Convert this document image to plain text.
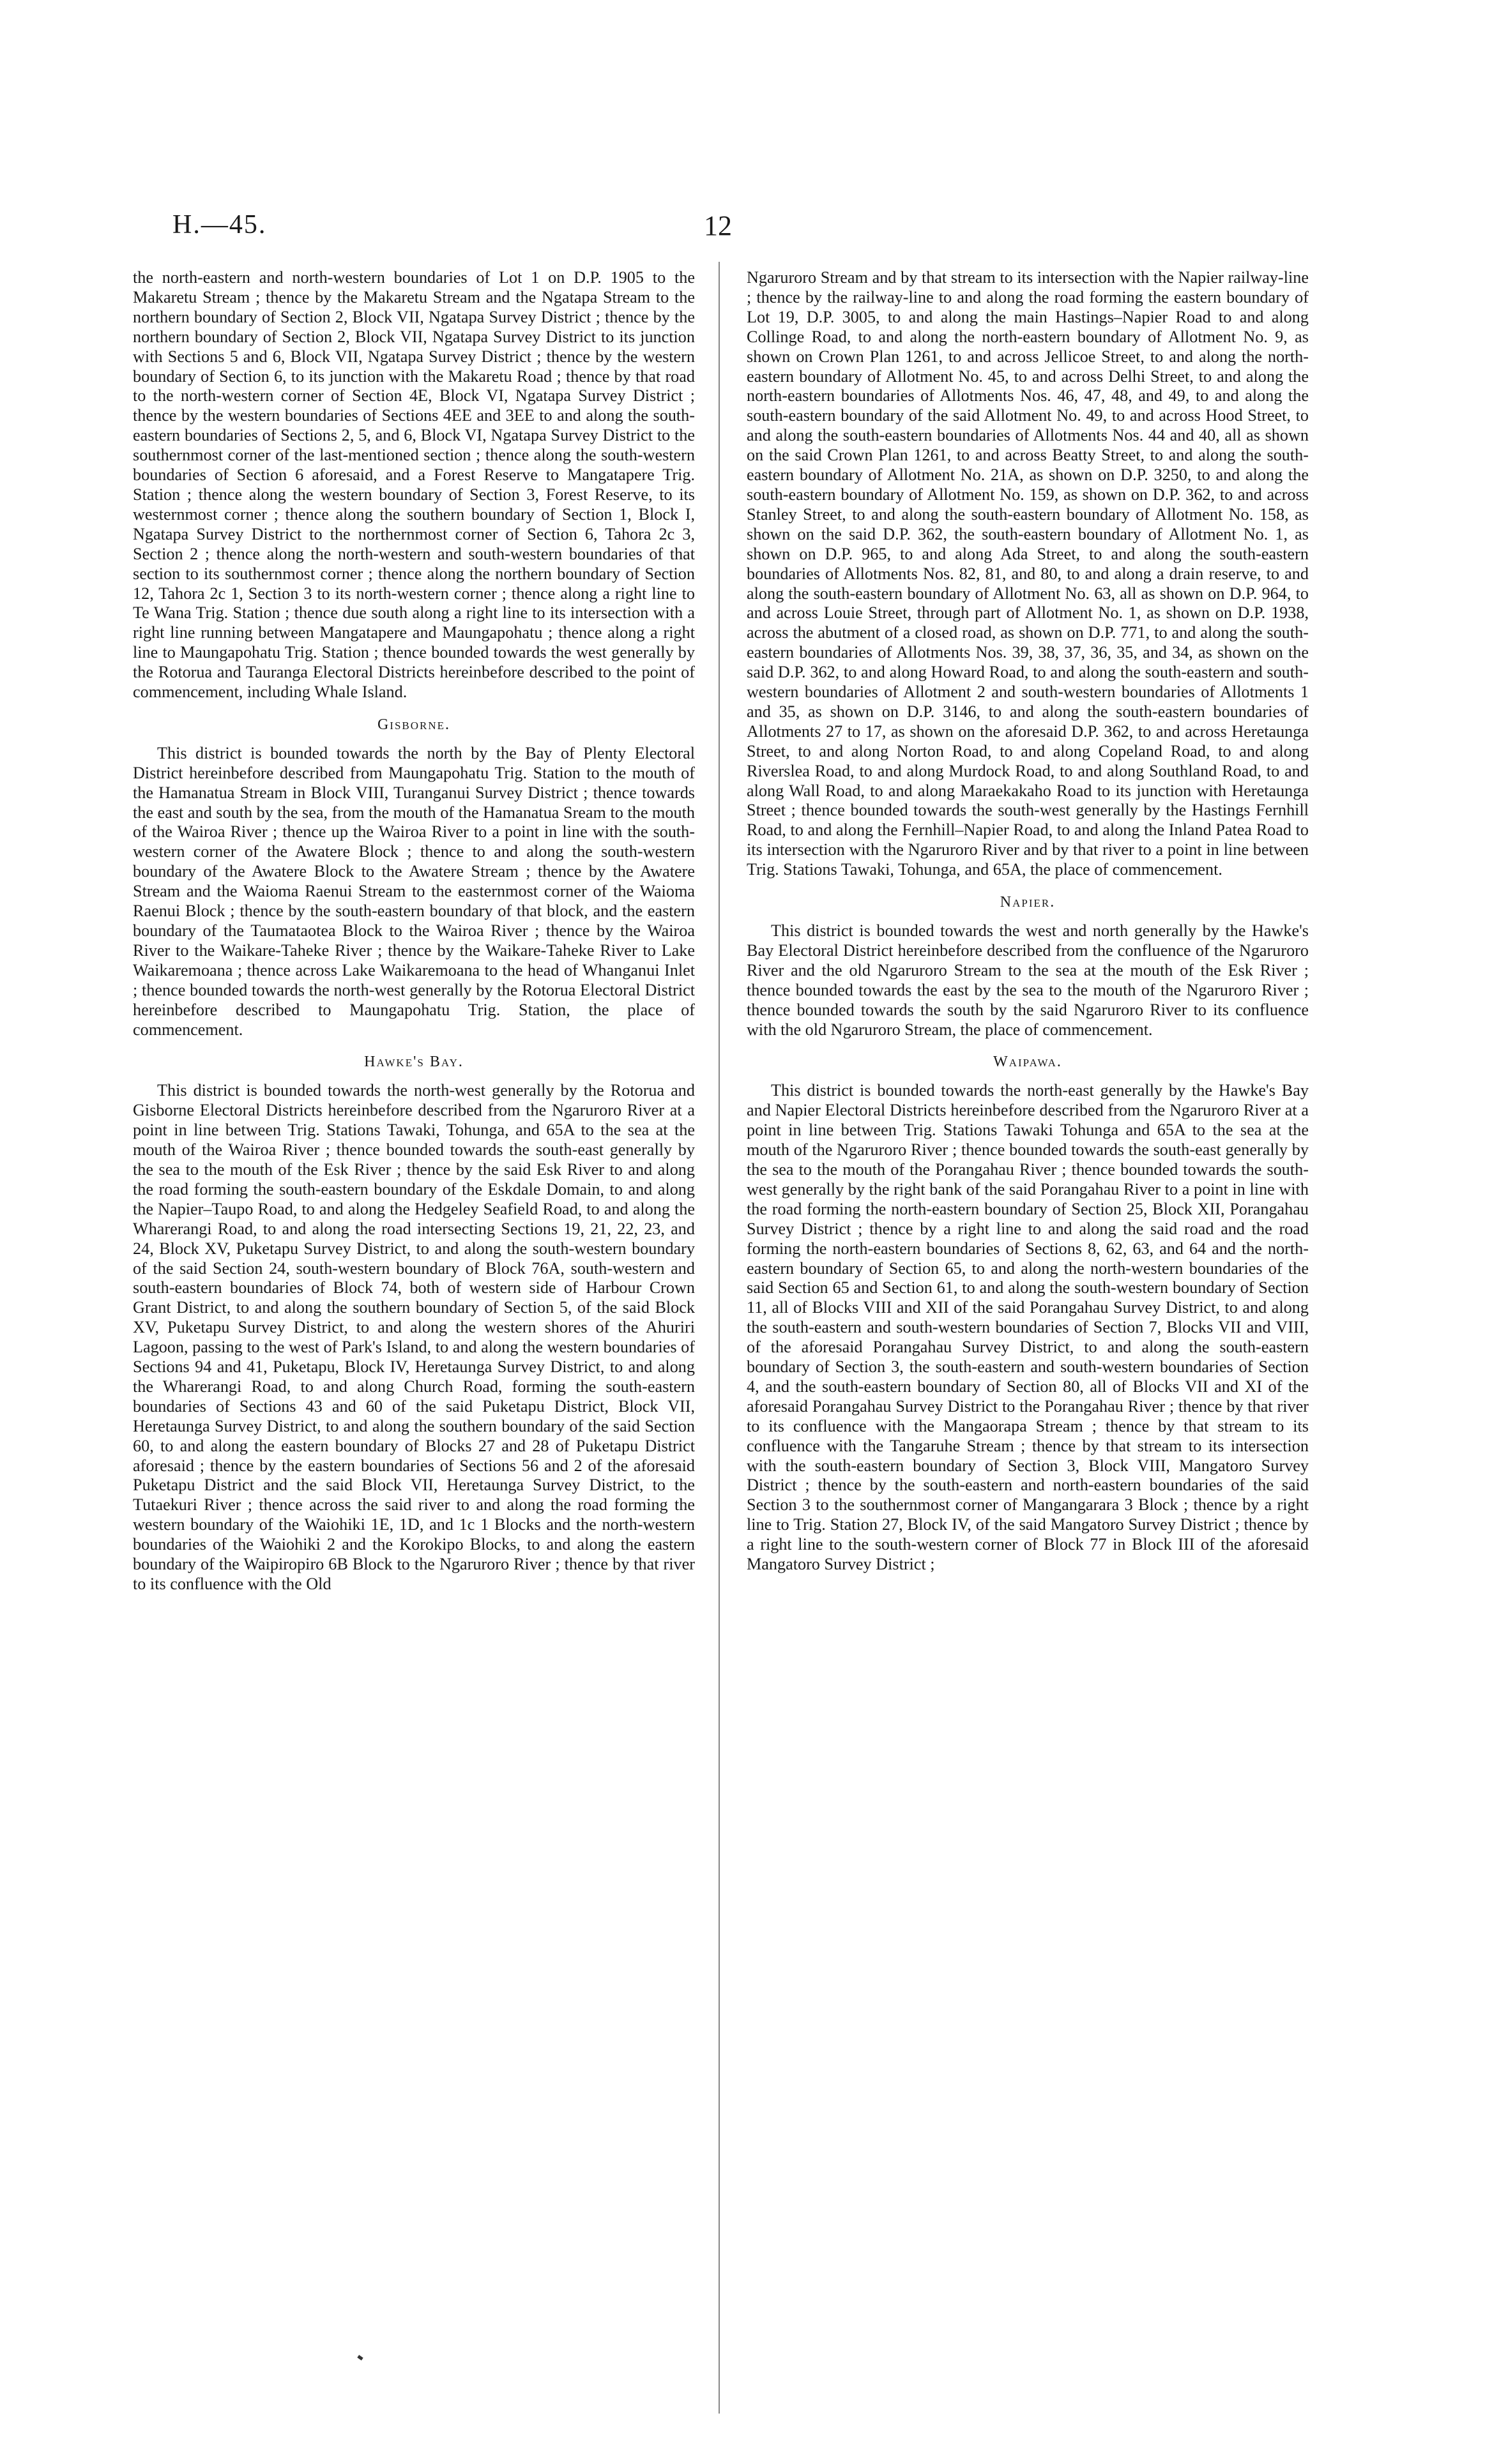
H.—45.	12

the north-eastern and north-western boundaries of Lot 1 on D.P. 1905 to the Makaretu Stream ; thence by the Makaretu Stream and the Ngatapa Stream to the northern boundary of Section 2, Block VII, Ngatapa Survey District ; thence by the northern boundary of Section 2, Block VII, Ngatapa Survey District to its junction with Sections 5 and 6, Block VII, Ngatapa Survey District ; thence by the western boundary of Section 6, to its junction with the Makaretu Road ; thence by that road to the north-western corner of Section 4E, Block VI, Ngatapa Survey District ; thence by the western boundaries of Sections 4EE and 3EE to and along the south-eastern boundaries of Sections 2, 5, and 6, Block VI, Ngatapa Survey District to the southernmost corner of the last-mentioned section ; thence along the south-western boundaries of Section 6 aforesaid, and a Forest Reserve to Mangatapere Trig. Station ; thence along the western boundary of Section 3, Forest Reserve, to its westernmost corner ; thence along the southern boundary of Section 1, Block I, Ngatapa Survey District to the northernmost corner of Section 6, Tahora 2c 3, Section 2 ; thence along the north-western and south-western boundaries of that section to its southernmost corner ; thence along the northern boundary of Section 12, Tahora 2c 1, Section 3 to its north-western corner ; thence along a right line to Te Wana Trig. Station ; thence due south along a right line to its intersection with a right line running between Mangatapere and Maungapohatu ; thence along a right line to Maungapohatu Trig. Station ; thence bounded towards the west generally by the Rotorua and Tauranga Electoral Districts hereinbefore described to the point of commencement, including Whale Island.

Gisborne.

This district is bounded towards the north by the Bay of Plenty Electoral District hereinbefore described from Maungapohatu Trig. Station to the mouth of the Hamanatua Stream in Block VIII, Turanganui Survey District ; thence towards the east and south by the sea, from the mouth of the Hamanatua Sream to the mouth of the Wairoa River ; thence up the Wairoa River to a point in line with the south-western corner of the Awatere Block ; thence to and along the south-western boundary of the Awatere Block to the Awatere Stream ; thence by the Awatere Stream and the Waioma Raenui Stream to the easternmost corner of the Waioma Raenui Block ; thence by the south-eastern boundary of that block, and the eastern boundary of the Taumataotea Block to the Wairoa River ; thence by the Wairoa River to the Waikare-Taheke River ; thence by the Waikare-Taheke River to Lake Waikaremoana ; thence across Lake Waikaremoana to the head of Whanganui Inlet ; thence bounded towards the north-west generally by the Rotorua Electoral District hereinbefore described to Maungapohatu Trig. Station, the place of commencement.

Hawke's Bay.

This district is bounded towards the north-west generally by the Rotorua and Gisborne Electoral Districts hereinbefore described from the Ngaruroro River at a point in line between Trig. Stations Tawaki, Tohunga, and 65A to the sea at the mouth of the Wairoa River ; thence bounded towards the south-east generally by the sea to the mouth of the Esk River ; thence by the said Esk River to and along the road forming the south-eastern boundary of the Eskdale Domain, to and along the Napier–Taupo Road, to and along the Hedgeley Seafield Road, to and along the Wharerangi Road, to and along the road intersecting Sections 19, 21, 22, 23, and 24, Block XV, Puketapu Survey District, to and along the south-western boundary of the said Section 24, south-western boundary of Block 76A, south-western and south-eastern boundaries of Block 74, both of western side of Harbour Crown Grant District, to and along the southern boundary of Section 5, of the said Block XV, Puketapu Survey District, to and along the western shores of the Ahuriri Lagoon, passing to the west of Park's Island, to and along the western boundaries of Sections 94 and 41, Puketapu, Block IV, Heretaunga Survey District, to and along the Wharerangi Road, to and along Church Road, forming the south-eastern boundaries of Sections 43 and 60 of the said Puketapu District, Block VII, Heretaunga Survey District, to and along the southern boundary of the said Section 60, to and along the eastern boundary of Blocks 27 and 28 of Puketapu District aforesaid ; thence by the eastern boundaries of Sections 56 and 2 of the aforesaid Puketapu District and the said Block VII, Heretaunga Survey District, to the Tutaekuri River ; thence across the said river to and along the road forming the western boundary of the Waiohiki 1E, 1D, and 1c 1 Blocks and the north-western boundaries of the Waiohiki 2 and the Korokipo Blocks, to and along the eastern boundary of the Waipiropiro 6B Block to the Ngaruroro River ; thence by that river to its confluence with the Old

Ngaruroro Stream and by that stream to its intersection with the Napier railway-line ; thence by the railway-line to and along the road forming the eastern boundary of Lot 19, D.P. 3005, to and along the main Hastings–Napier Road to and along Collinge Road, to and along the north-eastern boundary of Allotment No. 9, as shown on Crown Plan 1261, to and across Jellicoe Street, to and along the north-eastern boundary of Allotment No. 45, to and across Delhi Street, to and along the north-eastern boundaries of Allotments Nos. 46, 47, 48, and 49, to and along the south-eastern boundary of the said Allotment No. 49, to and across Hood Street, to and along the south-eastern boundaries of Allotments Nos. 44 and 40, all as shown on the said Crown Plan 1261, to and across Beatty Street, to and along the south-eastern boundary of Allotment No. 21A, as shown on D.P. 3250, to and along the south-eastern boundary of Allotment No. 159, as shown on D.P. 362, to and across Stanley Street, to and along the south-eastern boundary of Allotment No. 158, as shown on the said D.P. 362, the south-eastern boundary of Allotment No. 1, as shown on D.P. 965, to and along Ada Street, to and along the south-eastern boundaries of Allotments Nos. 82, 81, and 80, to and along a drain reserve, to and along the south-eastern boundary of Allotment No. 63, all as shown on D.P. 964, to and across Louie Street, through part of Allotment No. 1, as shown on D.P. 1938, across the abutment of a closed road, as shown on D.P. 771, to and along the south-eastern boundaries of Allotments Nos. 39, 38, 37, 36, 35, and 34, as shown on the said D.P. 362, to and along Howard Road, to and along the south-eastern and south-western boundaries of Allotment 2 and south-western boundaries of Allotments 1 and 35, as shown on D.P. 3146, to and along the south-eastern boundaries of Allotments 27 to 17, as shown on the aforesaid D.P. 362, to and across Heretaunga Street, to and along Norton Road, to and along Copeland Road, to and along Riverslea Road, to and along Murdock Road, to and along Southland Road, to and along Wall Road, to and along Maraekakaho Road to its junction with Heretaunga Street ; thence bounded towards the south-west generally by the Hastings Fernhill Road, to and along the Fernhill–Napier Road, to and along the Inland Patea Road to its intersection with the Ngaruroro River and by that river to a point in line between Trig. Stations Tawaki, Tohunga, and 65A, the place of commencement.

Napier.

This district is bounded towards the west and north generally by the Hawke's Bay Electoral District hereinbefore described from the confluence of the Ngaruroro River and the old Ngaruroro Stream to the sea at the mouth of the Esk River ; thence bounded towards the east by the sea to the mouth of the Ngaruroro River ; thence bounded towards the south by the said Ngaruroro River to its confluence with the old Ngaruroro Stream, the place of commencement.

Waipawa.

This district is bounded towards the north-east generally by the Hawke's Bay and Napier Electoral Districts hereinbefore described from the Ngaruroro River at a point in line between Trig. Stations Tawaki Tohunga and 65A to the sea at the mouth of the Ngaruroro River ; thence bounded towards the south-east generally by the sea to the mouth of the Porangahau River ; thence bounded towards the south-west generally by the right bank of the said Porangahau River to a point in line with the road forming the north-eastern boundary of Section 25, Block XII, Porangahau Survey District ; thence by a right line to and along the said road and the road forming the north-eastern boundaries of Sections 8, 62, 63, and 64 and the north-eastern boundary of Section 65, to and along the north-western boundaries of the said Section 65 and Section 61, to and along the south-western boundary of Section 11, all of Blocks VIII and XII of the said Porangahau Survey District, to and along the south-eastern and south-western boundaries of Section 7, Blocks VII and VIII, of the aforesaid Porangahau Survey District, to and along the south-eastern boundary of Section 3, the south-eastern and south-western boundaries of Section 4, and the south-eastern boundary of Section 80, all of Blocks VII and XI of the aforesaid Porangahau Survey District to the Porangahau River ; thence by that river to its confluence with the Mangaorapa Stream ; thence by that stream to its confluence with the Tangaruhe Stream ; thence by that stream to its intersection with the south-eastern boundary of Section 3, Block VIII, Mangatoro Survey District ; thence by the south-eastern and north-eastern boundaries of the said Section 3 to the southernmost corner of Mangangarara 3 Block ; thence by a right line to Trig. Station 27, Block IV, of the said Mangatoro Survey District ; thence by a right line to the south-western corner of Block 77 in Block III of the aforesaid Mangatoro Survey District ;
